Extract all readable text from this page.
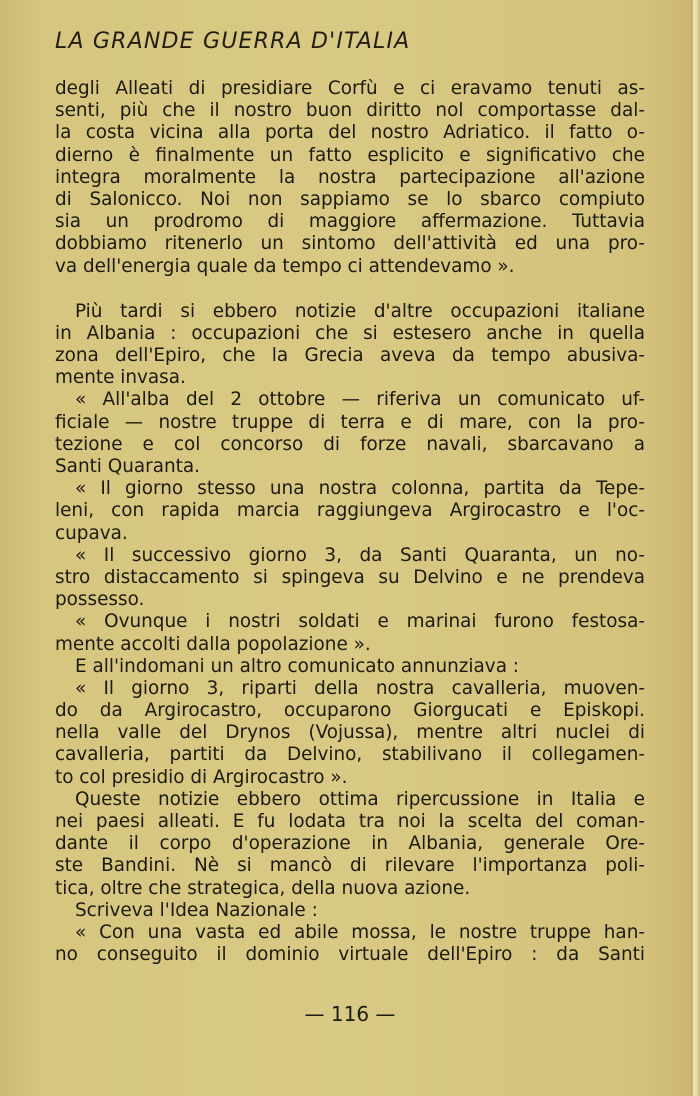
LA GRANDE GUERRA D'ITALIA
degli Alleati di presidiare Corfù e ci eravamo tenuti as-
senti, più che il nostro buon diritto nol comportasse dal-
la costa vicina alla porta del nostro Adriatico. il fatto o-
dierno è finalmente un fatto esplicito e significativo che
integra moralmente la nostra partecipazione all'azione
di Salonicco. Noi non sappiamo se lo sbarco compiuto
sia un prodromo di maggiore affermazione. Tuttavia
dobbiamo ritenerlo un sintomo dell'attività ed una pro-
va dell'energia quale da tempo ci attendevamo ».
Più tardi si ebbero notizie d'altre occupazioni italiane
in Albania : occupazioni che si estesero anche in quella
zona dell'Epiro, che la Grecia aveva da tempo abusiva-
mente invasa.
« All'alba del 2 ottobre — riferiva un comunicato uf-
ficiale — nostre truppe di terra e di mare, con la pro-
tezione e col concorso di forze navali, sbarcavano a
Santi Quaranta.
« Il giorno stesso una nostra colonna, partita da Tepe-
leni, con rapida marcia raggiungeva Argirocastro e l'oc-
cupava.
« Il successivo giorno 3, da Santi Quaranta, un no-
stro distaccamento si spingeva su Delvino e ne prendeva
possesso.
« Ovunque i nostri soldati e marinai furono festosa-
mente accolti dalla popolazione ».
E all'indomani un altro comunicato annunziava :
« Il giorno 3, riparti della nostra cavalleria, muoven-
do da Argirocastro, occuparono Giorgucati e Episkopi.
nella valle del Drynos (Vojussa), mentre altri nuclei di
cavalleria, partiti da Delvino, stabilivano il collegamen-
to col presidio di Argirocastro ».
Queste notizie ebbero ottima ripercussione in Italia e
nei paesi alleati. E fu lodata tra noi la scelta del coman-
dante il corpo d'operazione in Albania, generale Ore-
ste Bandini. Nè si mancò di rilevare l'importanza poli-
tica, oltre che strategica, della nuova azione.
Scriveva l'Idea Nazionale :
« Con una vasta ed abile mossa, le nostre truppe han-
no conseguito il dominio virtuale dell'Epiro : da Santi
— 116 —
